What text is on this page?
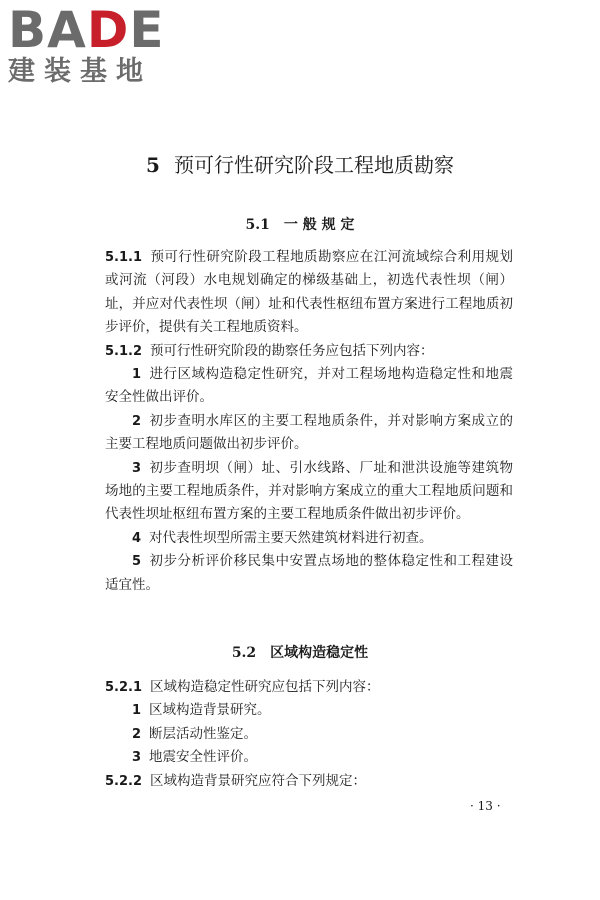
BADE
建装基地
5 预可行性研究阶段工程地质勘察
5.1 一 般 规 定

5.1.1 预可行性研究阶段工程地质勘察应在江河流域综合利用规划或河流（河段）水电规划确定的梯级基础上，初选代表性坝（闸）址，并应对代表性坝（闸）址和代表性枢纽布置方案进行工程地质初步评价，提供有关工程地质资料。

5.1.2 预可行性研究阶段的勘察任务应包括下列内容：

1 进行区域构造稳定性研究，并对工程场地构造稳定性和地震安全性做出评价。

2 初步查明水库区的主要工程地质条件，并对影响方案成立的主要工程地质问题做出初步评价。

3 初步查明坝（闸）址、引水线路、厂址和泄洪设施等建筑物场地的主要工程地质条件，并对影响方案成立的重大工程地质问题和代表性坝址枢纽布置方案的主要工程地质条件做出初步评价。

4 对代表性坝型所需主要天然建筑材料进行初查。

5 初步分析评价移民集中安置点场地的整体稳定性和工程建设适宜性。

5.2 区域构造稳定性

5.2.1 区域构造稳定性研究应包括下列内容：

1 区域构造背景研究。

2 断层活动性鉴定。

3 地震安全性评价。

5.2.2 区域构造背景研究应符合下列规定：

· 13 ·
